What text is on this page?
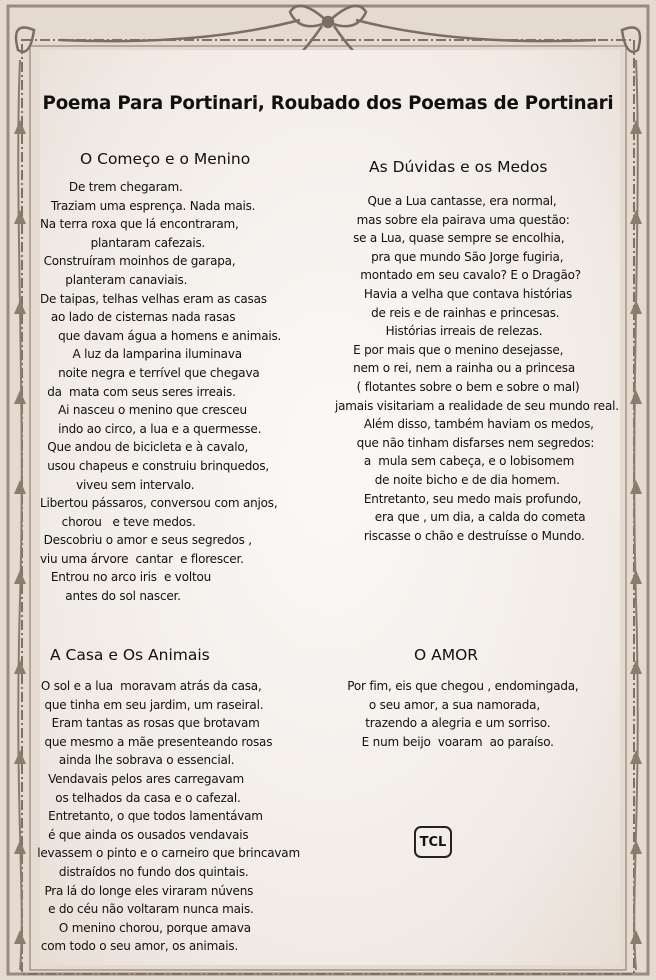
Poema Para Portinari, Roubado dos Poemas de Portinari
O Começo e o Menino
De trem chegaram.
Traziam uma esprença. Nada mais.
Na terra roxa que lá encontraram,
plantaram cafezais.
Construíram moinhos de garapa,
planteram canaviais.
De taipas, telhas velhas eram as casas
ao lado de cisternas nada rasas
que davam água a homens e animais.
A luz da lamparina iluminava
noite negra e terrível que chegava
da  mata com seus seres irreais.
Ai nasceu o menino que cresceu
indo ao circo, a lua e a quermesse.
Que andou de bicicleta e à cavalo,
usou chapeus e construiu brinquedos,
viveu sem intervalo.
Libertou pássaros, conversou com anjos,
chorou   e teve medos.
Descobriu o amor e seus segredos ,
viu uma árvore  cantar  e florescer.
Entrou no arco iris  e voltou
antes do sol nascer.
As Dúvidas e os Medos
Que a Lua cantasse, era normal,
mas sobre ela pairava uma questão:
se a Lua, quase sempre se encolhia,
pra que mundo São Jorge fugiria,
montado em seu cavalo? E o Dragão?
Havia a velha que contava histórias
de reis e de rainhas e princesas.
Histórias irreais de relezas.
E por mais que o menino desejasse,
nem o rei, nem a rainha ou a princesa
( flotantes sobre o bem e sobre o mal)
jamais visitariam a realidade de seu mundo real.
Além disso, também haviam os medos,
que não tinham disfarses nem segredos:
a  mula sem cabeça, e o lobisomem
de noite bicho e de dia homem.
Entretanto, seu medo mais profundo,
era que , um dia, a calda do cometa
riscasse o chão e destruísse o Mundo.
A Casa e Os Animais
O sol e a lua  moravam atrás da casa,
que tinha em seu jardim, um raseiral.
Eram tantas as rosas que brotavam
que mesmo a mãe presenteando rosas
ainda lhe sobrava o essencial.
Vendavais pelos ares carregavam
os telhados da casa e o cafezal.
Entretanto, o que todos lamentávam
é que ainda os ousados vendavais
levassem o pinto e o carneiro que brincavam
distraídos no fundo dos quintais.
Pra lá do longe eles viraram núvens
e do céu não voltaram nunca mais.
O menino chorou, porque amava
com todo o seu amor, os animais.
O AMOR
Por fim, eis que chegou , endomingada,
o seu amor, a sua namorada,
trazendo a alegria e um sorriso.
E num beijo  voaram  ao paraíso.
TCL
